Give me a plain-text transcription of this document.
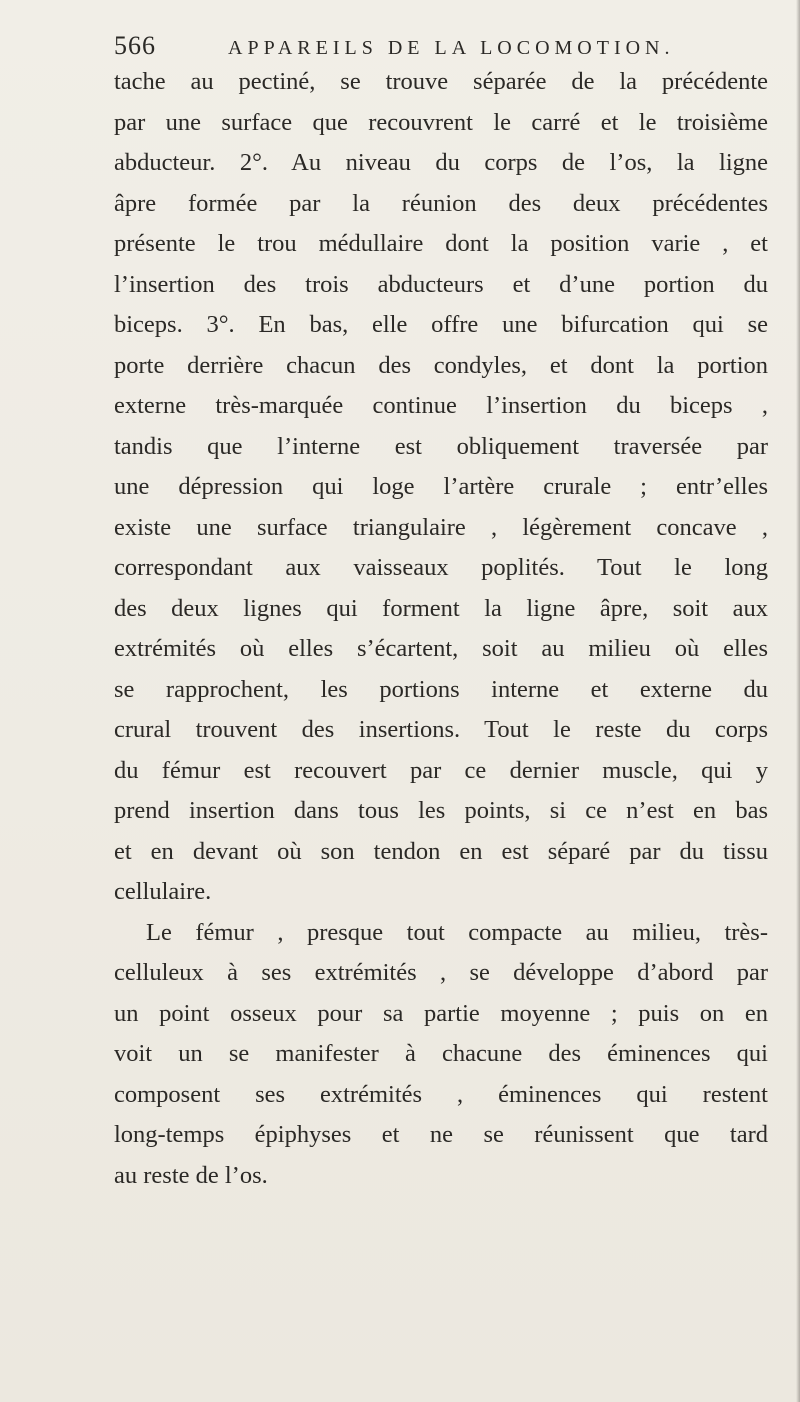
566	APPAREILS DE LA LOCOMOTION.
tache au pectiné, se trouve séparée de la précédente
par une surface que recouvrent le carré et le troisième
abducteur. 2°. Au niveau du corps de l’os, la ligne
âpre formée par la réunion des deux précédentes
présente le trou médullaire dont la position varie , et
l’insertion des trois abducteurs et d’une portion du
biceps. 3°. En bas, elle offre une bifurcation qui se
porte derrière chacun des condyles, et dont la portion
externe très-marquée continue l’insertion du biceps ,
tandis que l’interne est obliquement traversée par
une dépression qui loge l’artère crurale ; entr’elles
existe une surface triangulaire , légèrement concave ,
correspondant aux vaisseaux poplités. Tout le long
des deux lignes qui forment la ligne âpre, soit aux
extrémités où elles s’écartent, soit au milieu où elles
se rapprochent, les portions interne et externe du
crural trouvent des insertions. Tout le reste du corps
du fémur est recouvert par ce dernier muscle, qui y
prend insertion dans tous les points, si ce n’est en bas
et en devant où son tendon en est séparé par du tissu
cellulaire.
Le fémur , presque tout compacte au milieu, très-
celluleux à ses extrémités , se développe d’abord par
un point osseux pour sa partie moyenne ; puis on en
voit un se manifester à chacune des éminences qui
composent ses extrémités , éminences qui restent
long-temps épiphyses et ne se réunissent que tard
au reste de l’os.
